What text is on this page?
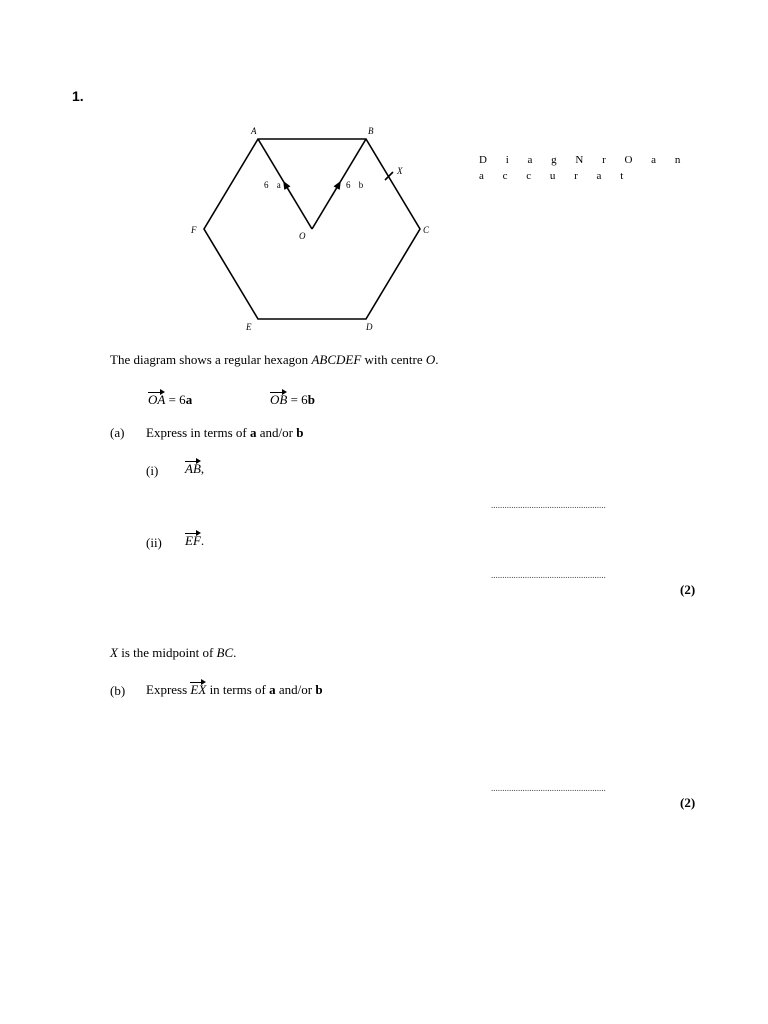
1.
A	B
C
D
E
F
O
X
6 a	6 b
D i a g N r O a n
a c c u r a t
The diagram shows a regular hexagon ABCDEF with centre O.
OA = 6a	OB = 6b
(a) Express in terms of a and/or b
(i) AB,
...................................................
(ii) EF.
...................................................
(2)
X is the midpoint of BC.
(b) Express EX in terms of a and/or b
...................................................
(2)
